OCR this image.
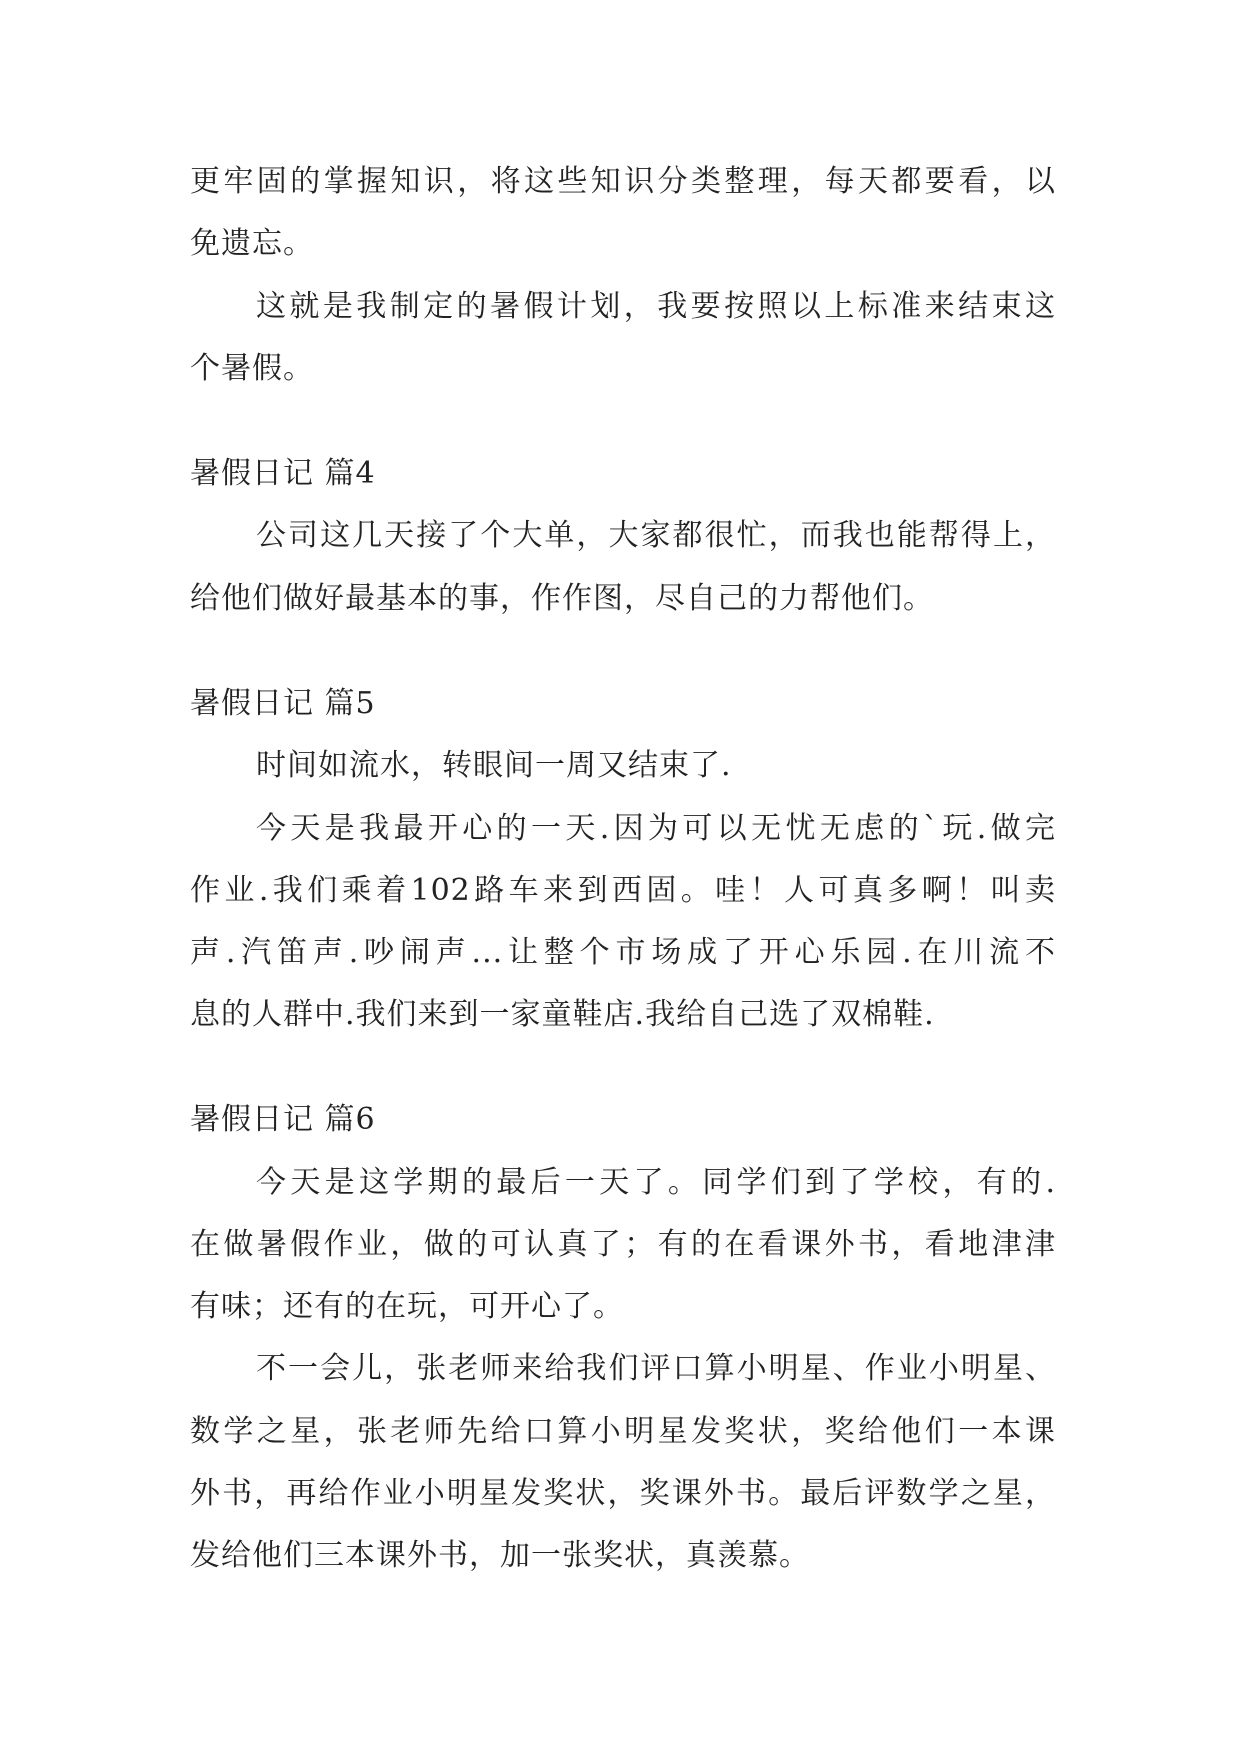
更牢固的掌握知识，将这些知识分类整理，每天都要看，以
免遗忘。
这就是我制定的暑假计划，我要按照以上标准来结束这
个暑假。
暑假日记 篇4
公司这几天接了个大单，大家都很忙，而我也能帮得上，
给他们做好最基本的事，作作图，尽自己的力帮他们。
暑假日记 篇5
时间如流水，转眼间一周又结束了.
今天是我最开心的一天.因为可以无忧无虑的`玩.做完
作业.我们乘着102路车来到西固。哇！人可真多啊！叫卖
声.汽笛声.吵闹声...让整个市场成了开心乐园.在川流不
息的人群中.我们来到一家童鞋店.我给自己选了双棉鞋.
暑假日记 篇6
今天是这学期的最后一天了。同学们到了学校，有的.
在做暑假作业，做的可认真了；有的在看课外书，看地津津
有味；还有的在玩，可开心了。
不一会儿，张老师来给我们评口算小明星、作业小明星、
数学之星，张老师先给口算小明星发奖状，奖给他们一本课
外书，再给作业小明星发奖状，奖课外书。最后评数学之星，
发给他们三本课外书，加一张奖状，真羡慕。
